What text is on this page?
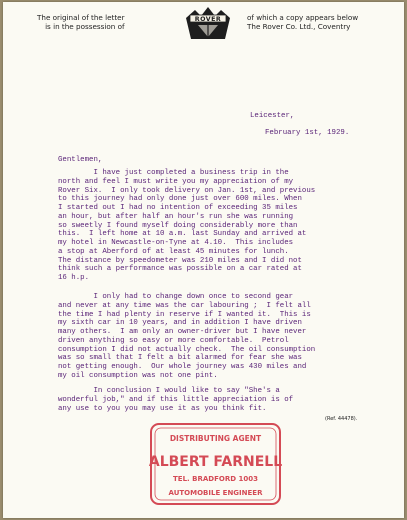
The original of the letter
is in the possession of
ROVER	of which a copy appears below
The Rover Co. Ltd., Coventry
Leicester,
February 1st, 1929.
Gentlemen,
I have just completed a business trip in the
north and feel I must write you my appreciation of my
Rover Six.  I only took delivery on Jan. 1st, and previous
to this journey had only done just over 600 miles. When
I started out I had no intention of exceeding 35 miles
an hour, but after half an hour's run she was running
so sweetly I found myself doing considerably more than
this.  I left home at 10 a.m. last Sunday and arrived at
my hotel in Newcastle-on-Tyne at 4.10.  This includes
a stop at Aberford of at least 45 minutes for lunch.
The distance by speedometer was 210 miles and I did not
think such a performance was possible on a car rated at
16 h.p.
I only had to change down once to second gear
and never at any time was the car labouring ;  I felt all
the time I had plenty in reserve if I wanted it.  This is
my sixth car in 10 years, and in addition I have driven
many others.  I am only an owner-driver but I have never
driven anything so easy or more comfortable.  Petrol
consumption I did not actually check.  The oil consumption
was so small that I felt a bit alarmed for fear she was
not getting enough.  Our whole journey was 430 miles and
my oil consumption was not one pint.
In conclusion I would like to say "She's a
wonderful job," and if this little appreciation is of
any use to you you may use it as you think fit.
(Ref. 44478).
DISTRIBUTING AGENT
ALBERT FARNELL
TEL. BRADFORD 1003
AUTOMOBILE ENGINEER
